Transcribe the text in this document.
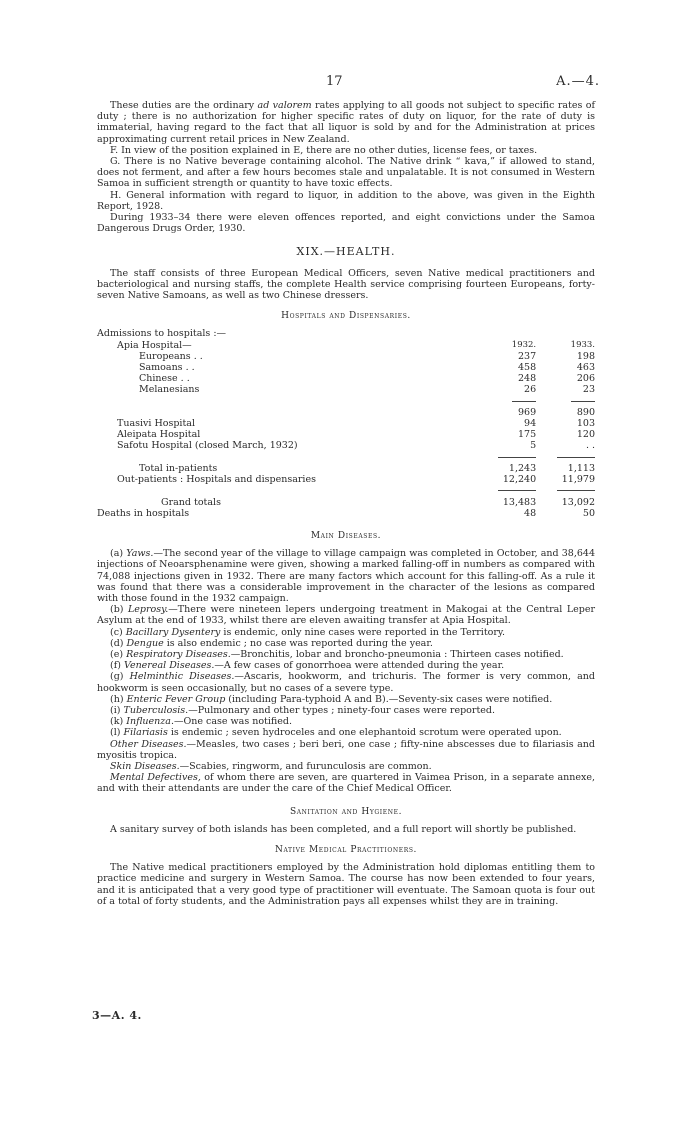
17	A.—4.

These duties are the ordinary ad valorem rates applying to all goods not subject to specific rates of duty ; there is no authorization for higher specific rates of duty on liquor, for the rate of duty is immaterial, having regard to the fact that all liquor is sold by and for the Administration at prices approximating current retail prices in New Zealand.

F. In view of the position explained in E, there are no other duties, license fees, or taxes.

G. There is no Native beverage containing alcohol. The Native drink “ kava,” if allowed to stand, does not ferment, and after a few hours becomes stale and unpalatable. It is not consumed in Western Samoa in sufficient strength or quantity to have toxic effects.

H. General information with regard to liquor, in addition to the above, was given in the Eighth Report, 1928.

During 1933–34 there were eleven offences reported, and eight convictions under the Samoa Dangerous Drugs Order, 1930.

XIX.—HEALTH.

The staff consists of three European Medical Officers, seven Native medical practitioners and bacteriological and nursing staffs, the complete Health service comprising fourteen Europeans, forty-seven Native Samoans, as well as two Chinese dressers.

Hospitals and Dispensaries.
Admissions to hospitals :—		
Apia Hospital—	1932.	1933.
Europeans . .	237	198
Samoans . .	458	463
Chinese . .	248	206
Melanesians	26	23

	969	890
Tuasivi Hospital	94	103
Aleipata Hospital	175	120
Safotu Hospital (closed March, 1932)	5	. .

Total in-patients	1,243	1,113
Out-patients : Hospitals and dispensaries	12,240	11,979

Grand totals	13,483	13,092
Deaths in hospitals	48	50
Main Diseases.

(a) Yaws.—The second year of the village to village campaign was completed in October, and 38,644 injections of Neoarsphenamine were given, showing a marked falling-off in numbers as compared with 74,088 injections given in 1932. There are many factors which account for this falling-off. As a rule it was found that there was a considerable improvement in the character of the lesions as compared with those found in the 1932 campaign.

(b) Leprosy.—There were nineteen lepers undergoing treatment in Makogai at the Central Leper Asylum at the end of 1933, whilst there are eleven awaiting transfer at Apia Hospital.

(c) Bacillary Dysentery is endemic, only nine cases were reported in the Territory.

(d) Dengue is also endemic ; no case was reported during the year.

(e) Respiratory Diseases.—Bronchitis, lobar and broncho-pneumonia : Thirteen cases notified.

(f) Venereal Diseases.—A few cases of gonorrhoea were attended during the year.

(g) Helminthic Diseases.—Ascaris, hookworm, and trichuris. The former is very common, and hookworm is seen occasionally, but no cases of a severe type.

(h) Enteric Fever Group (including Para-typhoid A and B).—Seventy-six cases were notified.

(i) Tuberculosis.—Pulmonary and other types ; ninety-four cases were reported.

(k) Influenza.—One case was notified.

(l) Filariasis is endemic ; seven hydroceles and one elephantoid scrotum were operated upon.

Other Diseases.—Measles, two cases ; beri beri, one case ; fifty-nine abscesses due to filariasis and myositis tropica.

Skin Diseases.—Scabies, ringworm, and furunculosis are common.

Mental Defectives, of whom there are seven, are quartered in Vaimea Prison, in a separate annexe, and with their attendants are under the care of the Chief Medical Officer.

Sanitation and Hygiene.

A sanitary survey of both islands has been completed, and a full report will shortly be published.

Native Medical Practitioners.

The Native medical practitioners employed by the Administration hold diplomas entitling them to practice medicine and surgery in Western Samoa. The course has now been extended to four years, and it is anticipated that a very good type of practitioner will eventuate. The Samoan quota is four out of a total of forty students, and the Administration pays all expenses whilst they are in training.

3—A. 4.
